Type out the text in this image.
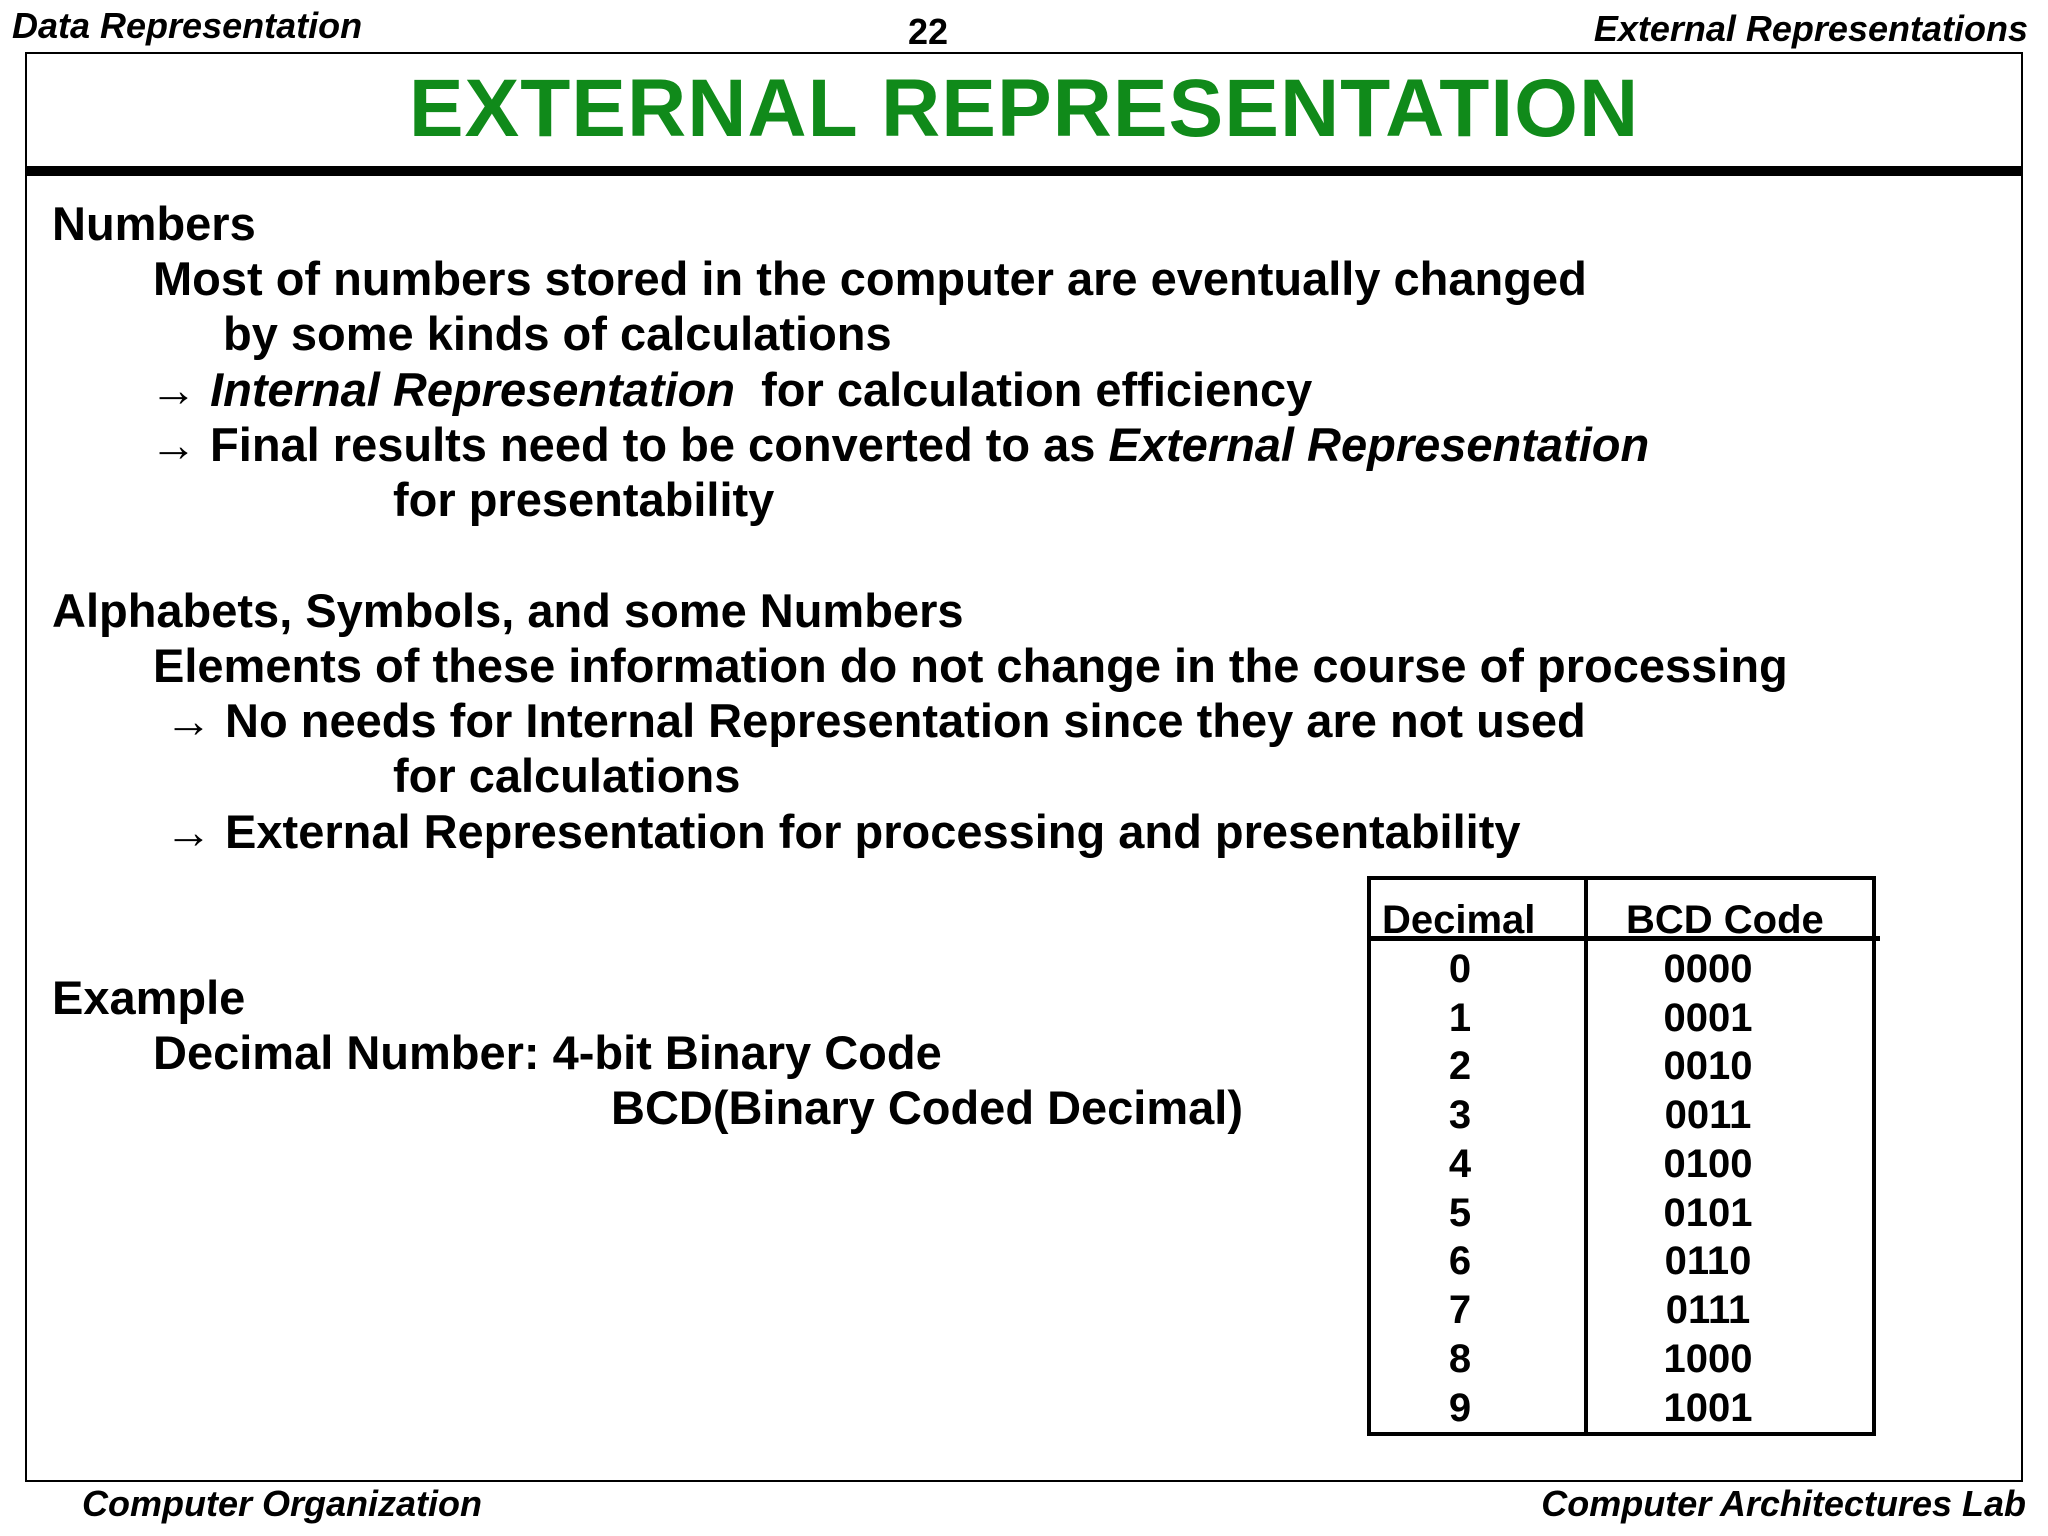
Data Representation	22	External Representations
EXTERNAL REPRESENTATION
Numbers
Most of numbers stored in the computer are eventually changed
by some kinds of calculations
→ Internal Representation for calculation efficiency
→ Final results need to be converted to as External Representation
for presentability
Alphabets, Symbols, and some Numbers
Elements of these information do not change in the course of processing
→ No needs for Internal Representation since they are not used
for calculations
→ External Representation for processing and presentability
Example
Decimal Number: 4-bit Binary Code
BCD(Binary Coded Decimal)
Decimal BCD Code
0	0000
1	0001
2	0010
3	0011
4	0100
5	0101
6	0110
7	0111
8	1000
9	1001
Computer Organization	Computer Architectures Lab
